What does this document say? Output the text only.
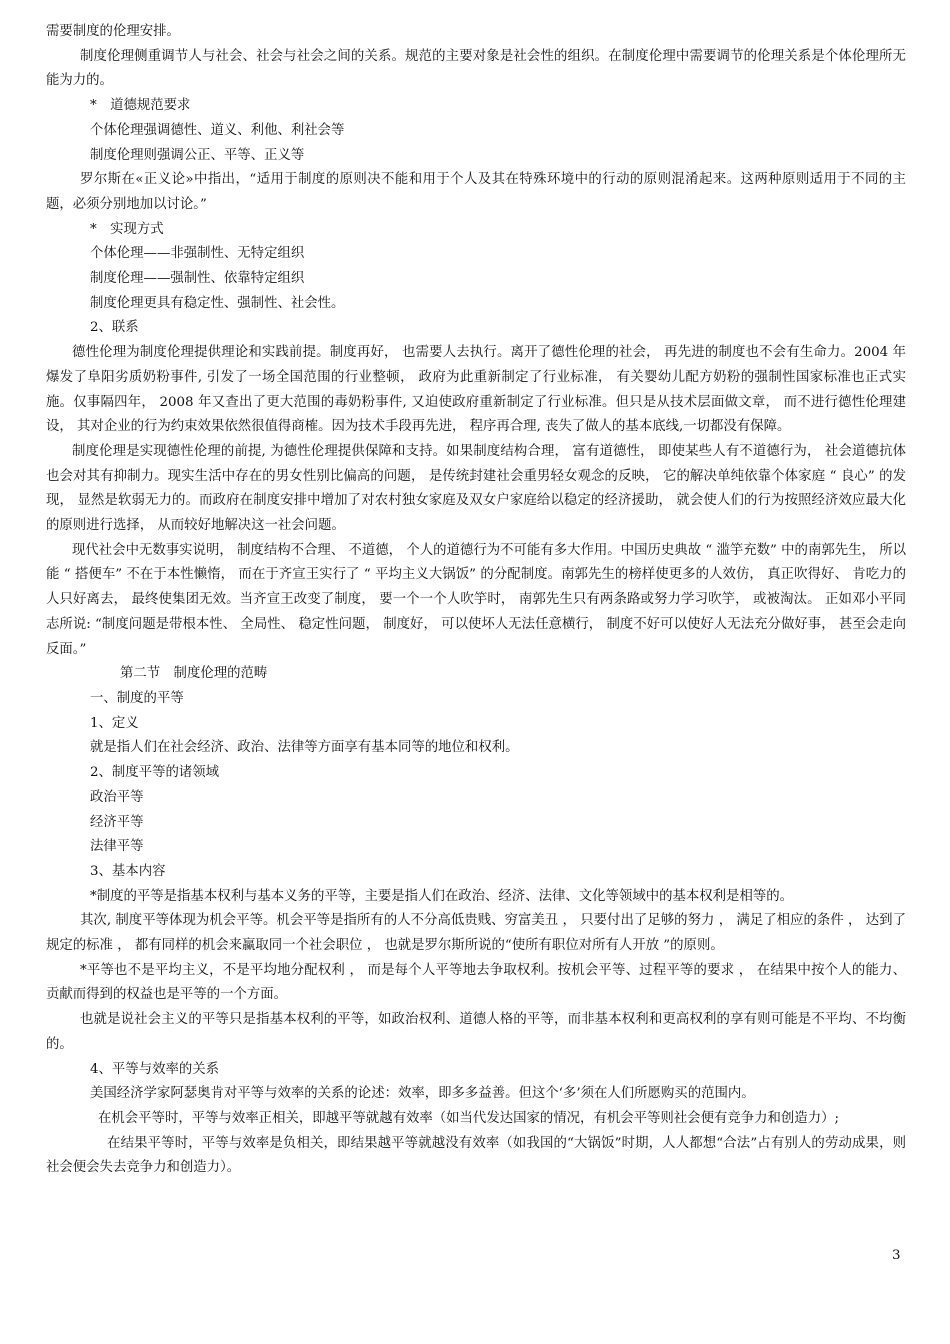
需要制度的伦理安排。

制度伦理侧重调节人与社会、社会与社会之间的关系。规范的主要对象是社会性的组织。在制度伦理中需要调节的伦理关系是个体伦理所无能为力的。

*　道德规范要求

个体伦理强调德性、道义、利他、利社会等

制度伦理则强调公正、平等、正义等

罗尔斯在«正义论»中指出，“适用于制度的原则决不能和用于个人及其在特殊环境中的行动的原则混淆起来。这两种原则适用于不同的主题，必须分别地加以讨论。”

*　实现方式

个体伦理——非强制性、无特定组织

制度伦理——强制性、依靠特定组织

制度伦理更具有稳定性、强制性、社会性。

2、联系

德性伦理为制度伦理提供理论和实践前提。制度再好， 也需要人去执行。离开了德性伦理的社会， 再先进的制度也不会有生命力。2004 年爆发了阜阳劣质奶粉事件, 引发了一场全国范围的行业整顿， 政府为此重新制定了行业标准， 有关婴幼儿配方奶粉的强制性国家标准也正式实施。仅事隔四年， 2008 年又查出了更大范围的毒奶粉事件, 又迫使政府重新制定了行业标准。但只是从技术层面做文章， 而不进行德性伦理建设， 其对企业的行为约束效果依然很值得商榷。因为技术手段再先进， 程序再合理, 丧失了做人的基本底线,一切都没有保障。

制度伦理是实现德性伦理的前提, 为德性伦理提供保障和支持。如果制度结构合理， 富有道德性， 即使某些人有不道德行为， 社会道德抗体也会对其有抑制力。现实生活中存在的男女性别比偏高的问题， 是传统封建社会重男轻女观念的反映， 它的解决单纯依靠个体家庭 “ 良心” 的发现， 显然是软弱无力的。而政府在制度安排中增加了对农村独女家庭及双女户家庭给以稳定的经济援助， 就会使人们的行为按照经济效应最大化的原则进行选择， 从而较好地解决这一社会问题。

现代社会中无数事实说明， 制度结构不合理、 不道德， 个人的道德行为不可能有多大作用。中国历史典故 “ 滥竽充数” 中的南郭先生， 所以能 “ 搭便车” 不在于本性懒惰， 而在于齐宣王实行了 “ 平均主义大锅饭” 的分配制度。南郭先生的榜样使更多的人效仿， 真正吹得好、 肯吃力的人只好离去， 最终使集团无效。当齐宣王改变了制度， 要一个一个人吹竽时， 南郭先生只有两条路或努力学习吹竽， 或被淘汰。 正如邓小平同志所说: “制度问题是带根本性、 全局性、 稳定性问题， 制度好， 可以使坏人无法任意横行， 制度不好可以使好人无法充分做好事， 甚至会走向反面。”

第二节　制度伦理的范畴

一、制度的平等

1、定义

就是指人们在社会经济、政治、法律等方面享有基本同等的地位和权利。

2、制度平等的诸领域

政治平等

经济平等

法律平等

3、基本内容

*制度的平等是指基本权利与基本义务的平等，主要是指人们在政治、经济、法律、文化等领域中的基本权利是相等的。

其次, 制度平等体现为机会平等。机会平等是指所有的人不分高低贵贱、穷富美丑 ， 只要付出了足够的努力 ， 满足了相应的条件 ， 达到了规定的标准 ， 都有同样的机会来赢取同一个社会职位 ， 也就是罗尔斯所说的“使所有职位对所有人开放 ”的原则。

*平等也不是平均主义，不是平均地分配权利 ， 而是每个人平等地去争取权利。按机会平等、过程平等的要求 ， 在结果中按个人的能力、贡献而得到的权益也是平等的一个方面。

也就是说社会主义的平等只是指基本权利的平等，如政治权利、道德人格的平等，而非基本权利和更高权利的享有则可能是不平均、不均衡的。

4、平等与效率的关系

美国经济学家阿瑟奥肯对平等与效率的关系的论述：效率，即多多益善。但这个‘多’须在人们所愿购买的范围内。

在机会平等时，平等与效率正相关，即越平等就越有效率（如当代发达国家的情况，有机会平等则社会便有竞争力和创造力）;

　　在结果平等时，平等与效率是负相关，即结果越平等就越没有效率（如我国的“大锅饭”时期，人人都想“合法”占有别人的劳动成果，则社会便会失去竞争力和创造力）。

3
